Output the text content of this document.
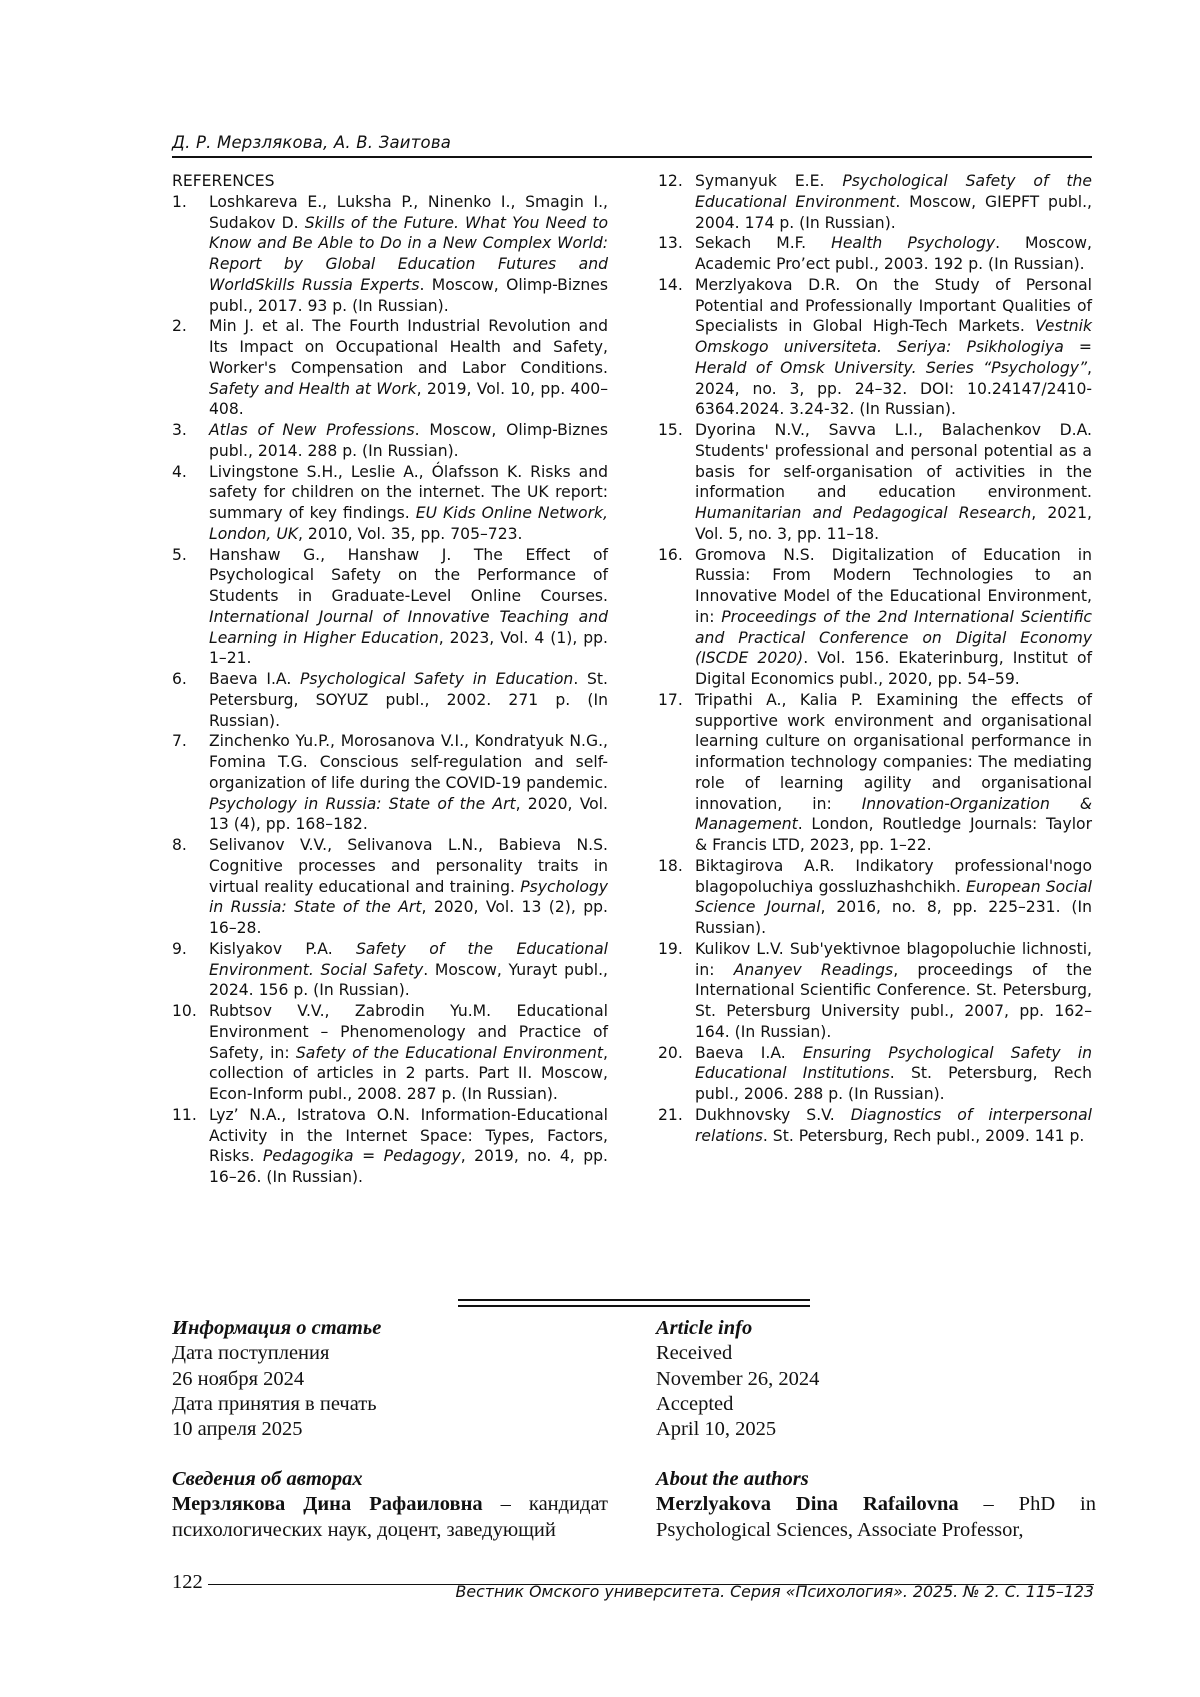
Д. Р. Мерзлякова, А. В. Заитова
REFERENCES
1. Loshkareva E., Luksha P., Ninenko I., Smagin I., Sudakov D. Skills of the Future. What You Need to Know and Be Able to Do in a New Complex World: Report by Global Education Futures and WorldSkills Russia Experts. Moscow, Olimp-Biznes publ., 2017. 93 p. (In Russian).
2. Min J. et al. The Fourth Industrial Revolution and Its Impact on Occupational Health and Safety, Worker's Compensation and Labor Conditions. Safety and Health at Work, 2019, Vol. 10, pp. 400–408.
3. Atlas of New Professions. Moscow, Olimp-Biznes publ., 2014. 288 p. (In Russian).
4. Livingstone S.H., Leslie A., Ólafsson K. Risks and safety for children on the internet. The UK report: summary of key findings. EU Kids Online Network, London, UK, 2010, Vol. 35, pp. 705–723.
5. Hanshaw G., Hanshaw J. The Effect of Psychological Safety on the Performance of Students in Graduate-Level Online Courses. International Journal of Innovative Teaching and Learning in Higher Education, 2023, Vol. 4 (1), pp. 1–21.
6. Baeva I.A. Psychological Safety in Education. St. Petersburg, SOYUZ publ., 2002. 271 p. (In Russian).
7. Zinchenko Yu.P., Morosanova V.I., Kondratyuk N.G., Fomina T.G. Conscious self-regulation and self-organization of life during the COVID-19 pandemic. Psychology in Russia: State of the Art, 2020, Vol. 13 (4), pp. 168–182.
8. Selivanov V.V., Selivanova L.N., Babieva N.S. Cognitive processes and personality traits in virtual reality educational and training. Psychology in Russia: State of the Art, 2020, Vol. 13 (2), pp. 16–28.
9. Kislyakov P.A. Safety of the Educational Environment. Social Safety. Moscow, Yurayt publ., 2024. 156 p. (In Russian).
10. Rubtsov V.V., Zabrodin Yu.M. Educational Environment – Phenomenology and Practice of Safety, in: Safety of the Educational Environment, collection of articles in 2 parts. Part II. Moscow, Econ-Inform publ., 2008. 287 p. (In Russian).
11. Lyz’ N.A., Istratova O.N. Information-Educational Activity in the Internet Space: Types, Factors, Risks. Pedagogika = Pedagogy, 2019, no. 4, pp. 16–26. (In Russian).
12. Symanyuk E.E. Psychological Safety of the Educational Environment. Moscow, GIEPFT publ., 2004. 174 p. (In Russian).
13. Sekach M.F. Health Psychology. Moscow, Academic Pro’ect publ., 2003. 192 p. (In Russian).
14. Merzlyakova D.R. On the Study of Personal Potential and Professionally Important Qualities of Specialists in Global High-Tech Markets. Vestnik Omskogo universiteta. Seriya: Psikhologiya = Herald of Omsk University. Series “Psychology”, 2024, no. 3, pp. 24–32. DOI: 10.24147/2410-6364.2024. 3.24-32. (In Russian).
15. Dyorina N.V., Savva L.I., Balachenkov D.A. Students' professional and personal potential as a basis for self-organisation of activities in the information and education environment. Humanitarian and Pedagogical Research, 2021, Vol. 5, no. 3, pp. 11–18.
16. Gromova N.S. Digitalization of Education in Russia: From Modern Technologies to an Innovative Model of the Educational Environment, in: Proceedings of the 2nd International Scientific and Practical Conference on Digital Economy (ISCDE 2020). Vol. 156. Ekaterinburg, Institut of Digital Economics publ., 2020, pp. 54–59.
17. Tripathi A., Kalia P. Examining the effects of supportive work environment and organisational learning culture on organisational performance in information technology companies: The mediating role of learning agility and organisational innovation, in: Innovation-Organization & Management. London, Routledge Journals: Taylor & Francis LTD, 2023, pp. 1–22.
18. Biktagirova A.R. Indikatory professional'nogo blagopoluchiya gossluzhashchikh. European Social Science Journal, 2016, no. 8, pp. 225–231. (In Russian).
19. Kulikov L.V. Sub'yektivnoe blagopoluchie lichnosti, in: Ananyev Readings, proceedings of the International Scientific Conference. St. Petersburg, St. Petersburg University publ., 2007, pp. 162–164. (In Russian).
20. Baeva I.A. Ensuring Psychological Safety in Educational Institutions. St. Petersburg, Rech publ., 2006. 288 p. (In Russian).
21. Dukhnovsky S.V. Diagnostics of interpersonal relations. St. Petersburg, Rech publ., 2009. 141 p.
Информация о статье
Дата поступления
26 ноября 2024
Дата принятия в печать
10 апреля 2025
Article info
Received
November 26, 2024
Accepted
April 10, 2025
Сведения об авторах

Мерзлякова Дина Рафаиловна – кандидат психологических наук, доцент, заведующий

About the authors

Merzlyakova Dina Rafailovna – PhD in Psychological Sciences, Associate Professor,

122	Вестник Омского университета. Серия «Психология». 2025. № 2. С. 115–123
